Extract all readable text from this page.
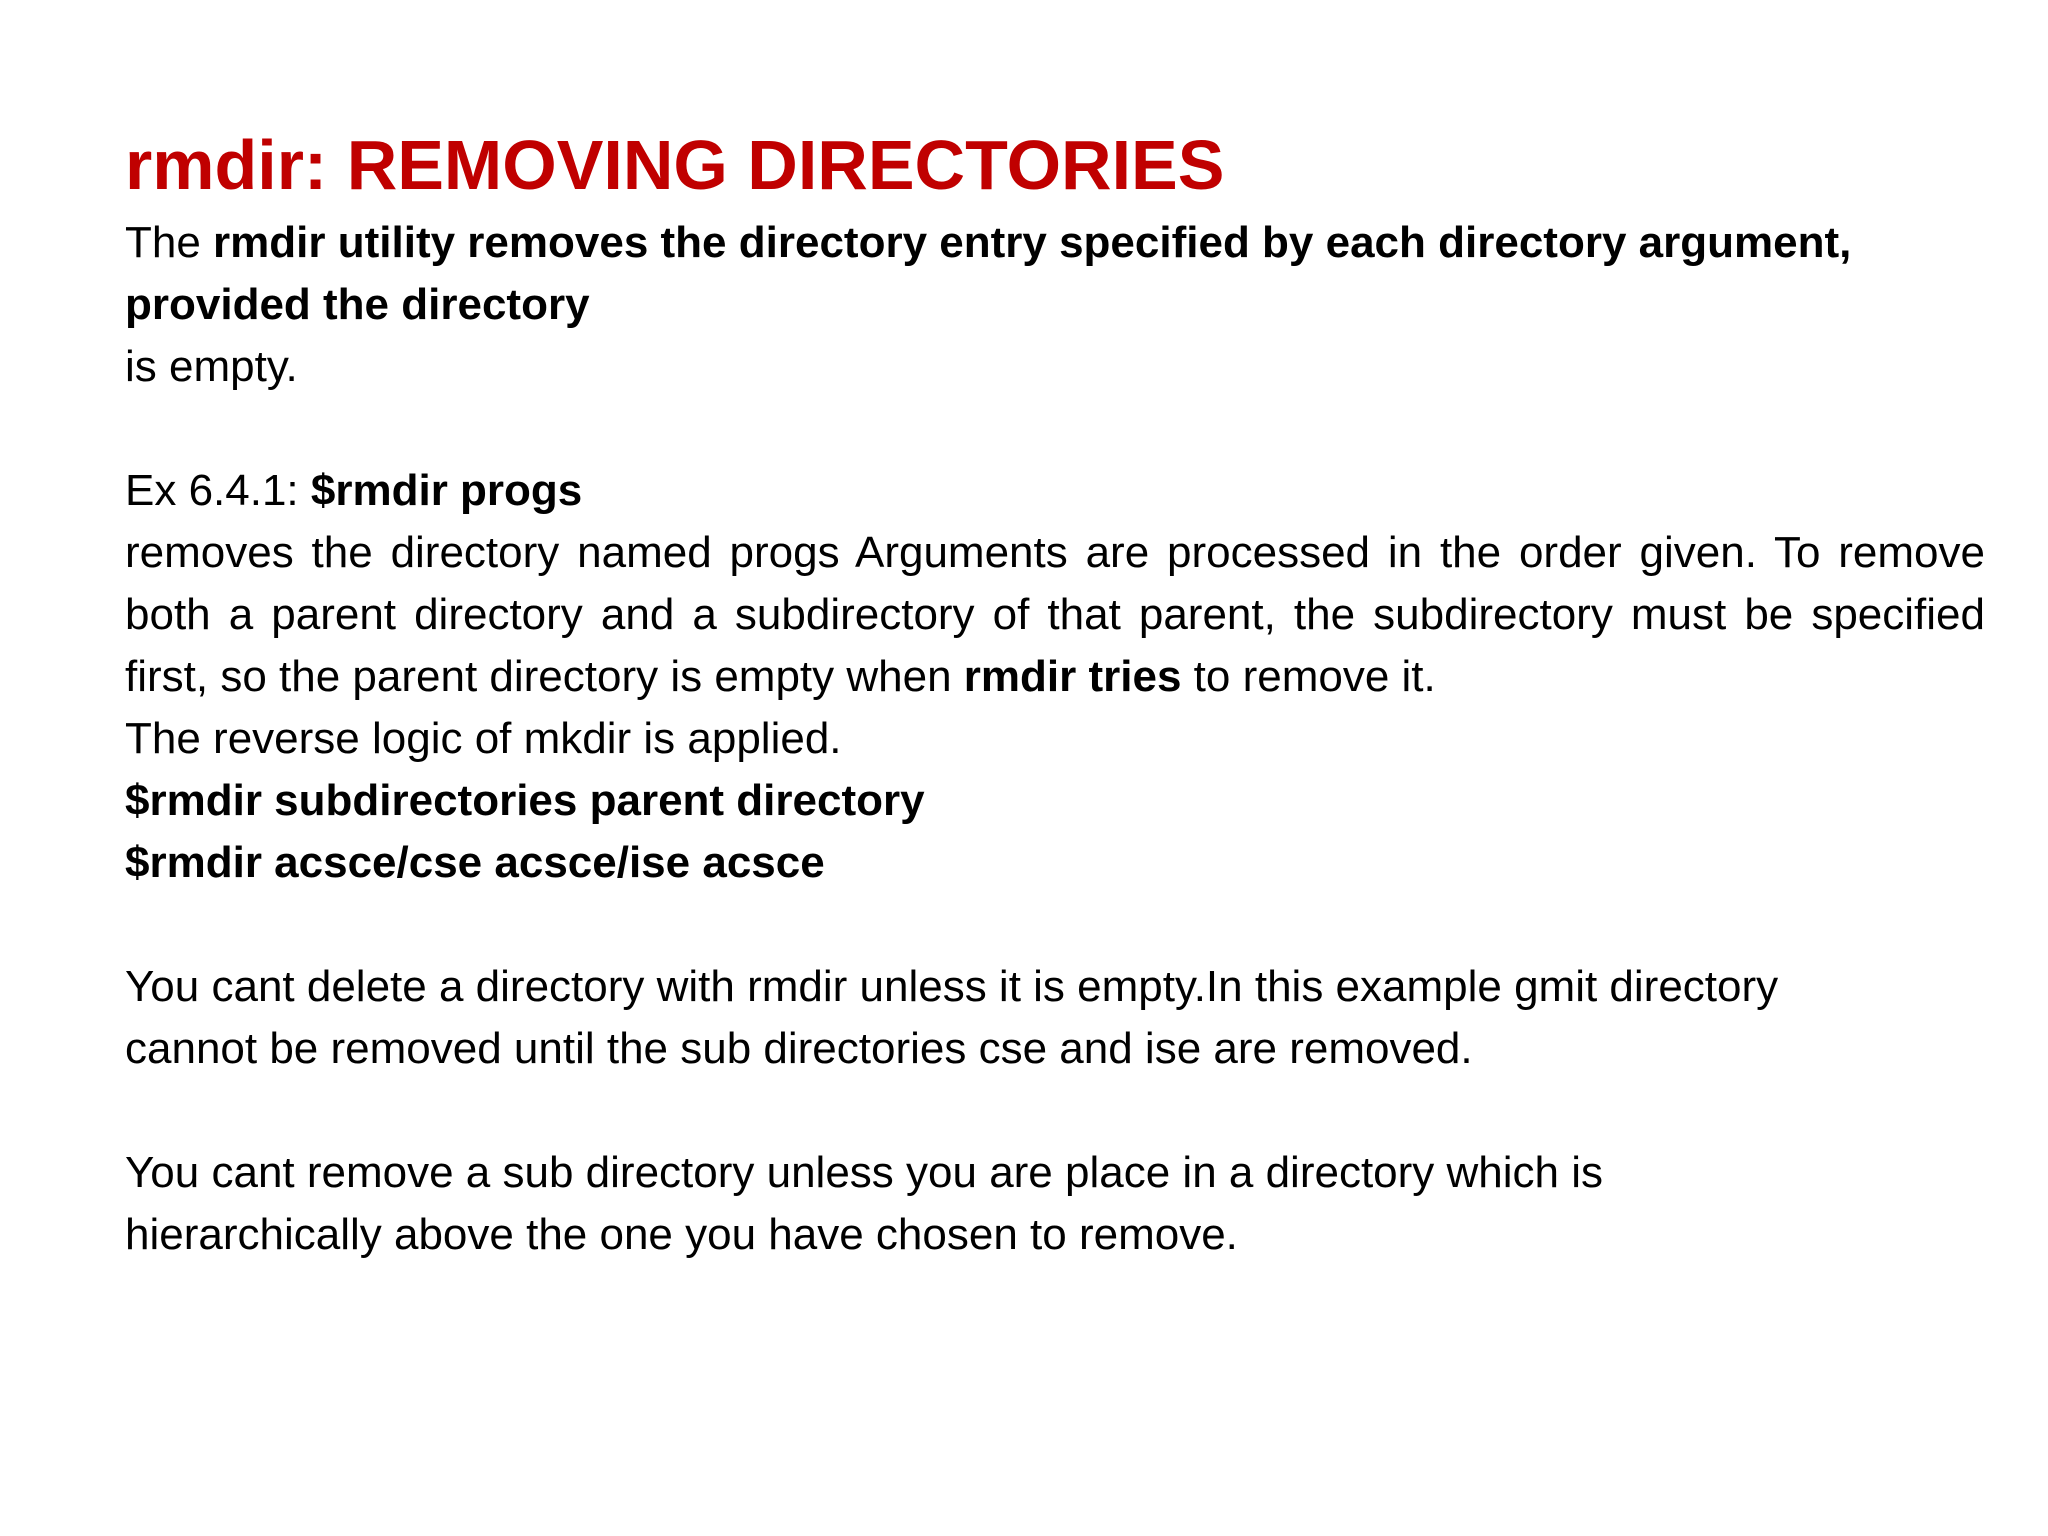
rmdir: REMOVING DIRECTORIES

The rmdir utility removes the directory entry specified by each directory argument,

provided the directory

is empty.

Ex 6.4.1: $rmdir progs

removes the directory named progs Arguments are processed in the order given. To remove both a parent directory and a subdirectory of that parent, the subdirectory must be specified first, so the parent directory is empty when rmdir tries to remove it.

The reverse logic of mkdir is applied.

$rmdir subdirectories parent directory

$rmdir acsce/cse acsce/ise acsce

You cant delete a directory with rmdir unless it is empty.In this example gmit directory

cannot be removed until the sub directories cse and ise are removed.

You cant remove a sub directory unless you are place in a directory which is

hierarchically above the one you have chosen to remove.
